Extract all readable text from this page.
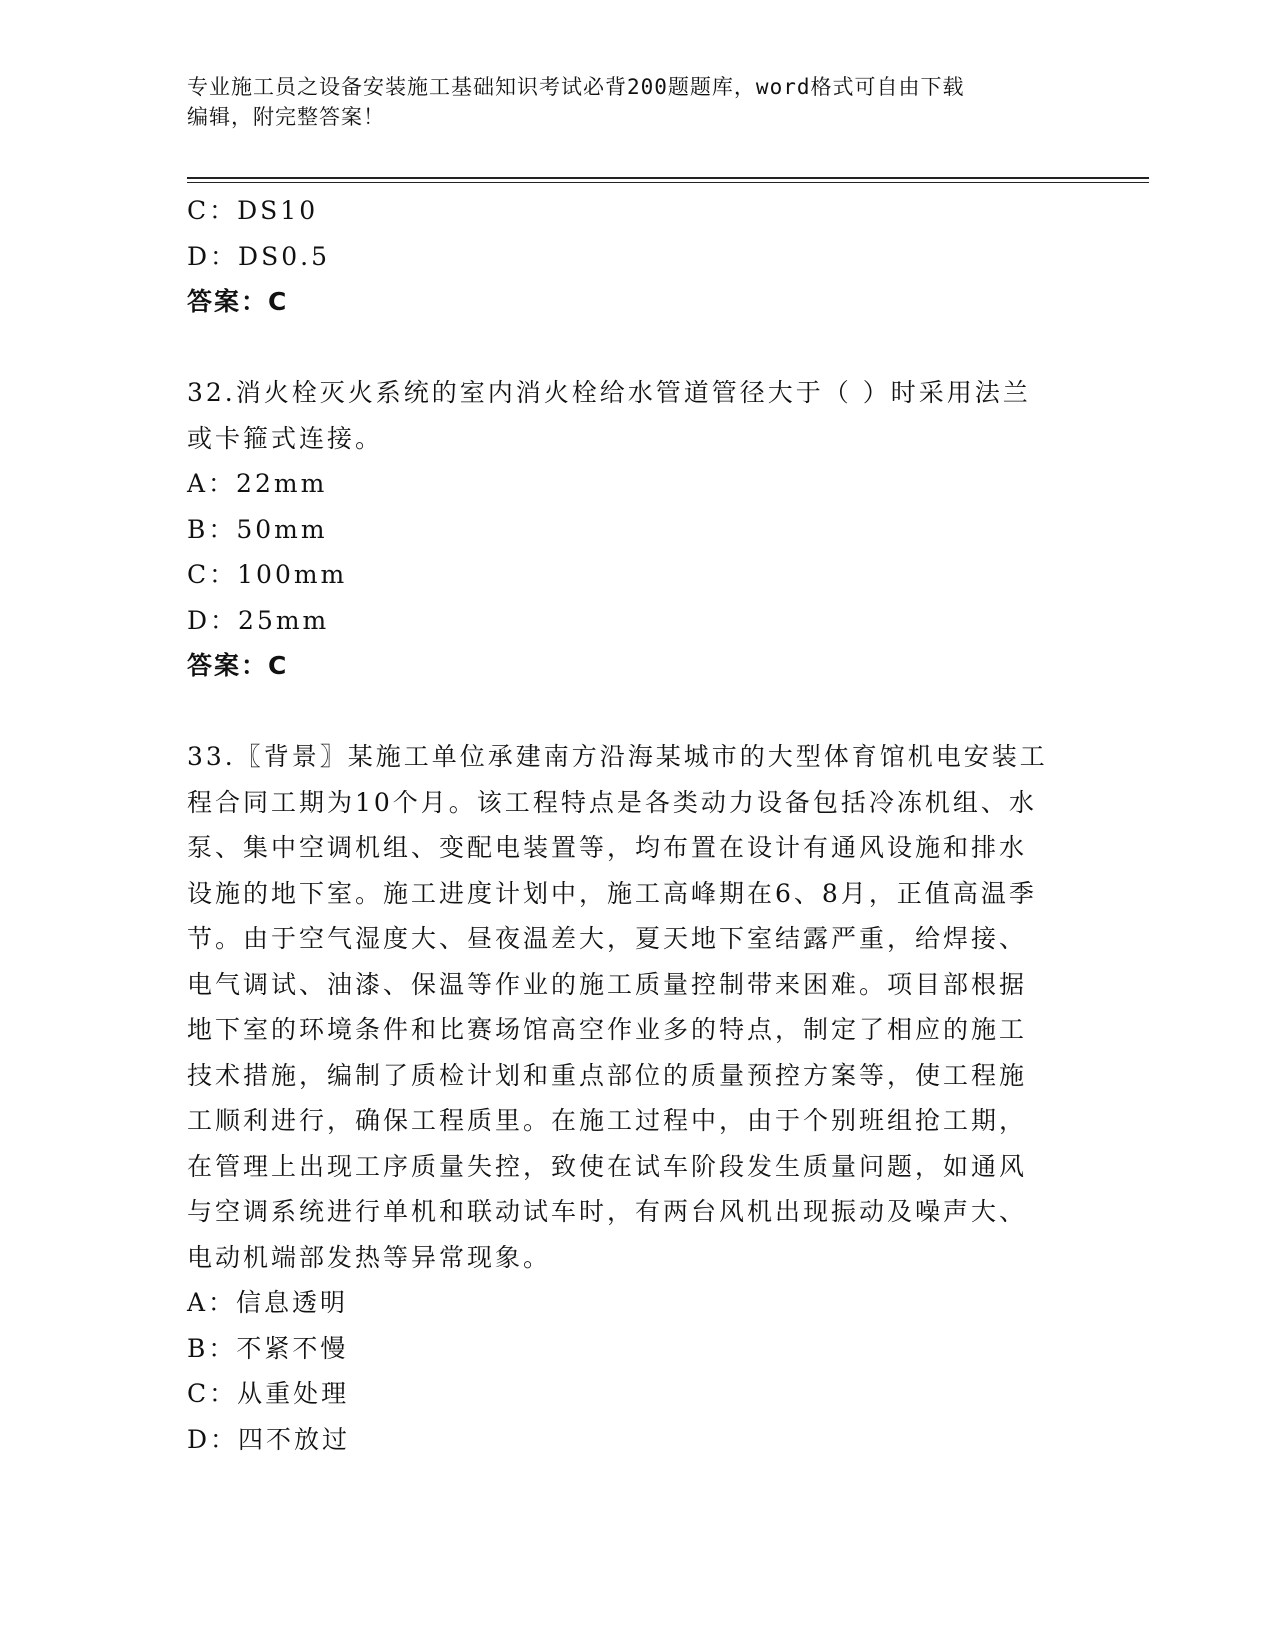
专业施工员之设备安装施工基础知识考试必背200题题库，word格式可自由下载
编辑，附完整答案！
C：DS10
D：DS0.5
答案：C
32.消火栓灭火系统的室内消火栓给水管道管径大于（ ）时采用法兰
或卡箍式连接。
A：22mm
B：50mm
C：100mm
D：25mm
答案：C
33.〖背景〗某施工单位承建南方沿海某城市的大型体育馆机电安装工
程合同工期为10个月。该工程特点是各类动力设备包括冷冻机组、水
泵、集中空调机组、变配电装置等，均布置在设计有通风设施和排水
设施的地下室。施工进度计划中，施工高峰期在6、8月，正值高温季
节。由于空气湿度大、昼夜温差大，夏天地下室结露严重，给焊接、
电气调试、油漆、保温等作业的施工质量控制带来困难。项目部根据
地下室的环境条件和比赛场馆高空作业多的特点，制定了相应的施工
技术措施，编制了质检计划和重点部位的质量预控方案等，使工程施
工顺利进行，确保工程质里。在施工过程中，由于个别班组抢工期，
在管理上出现工序质量失控，致使在试车阶段发生质量问题，如通风
与空调系统进行单机和联动试车时，有两台风机出现振动及噪声大、
电动机端部发热等异常现象。
A：信息透明
B：不紧不慢
C：从重处理
D：四不放过
